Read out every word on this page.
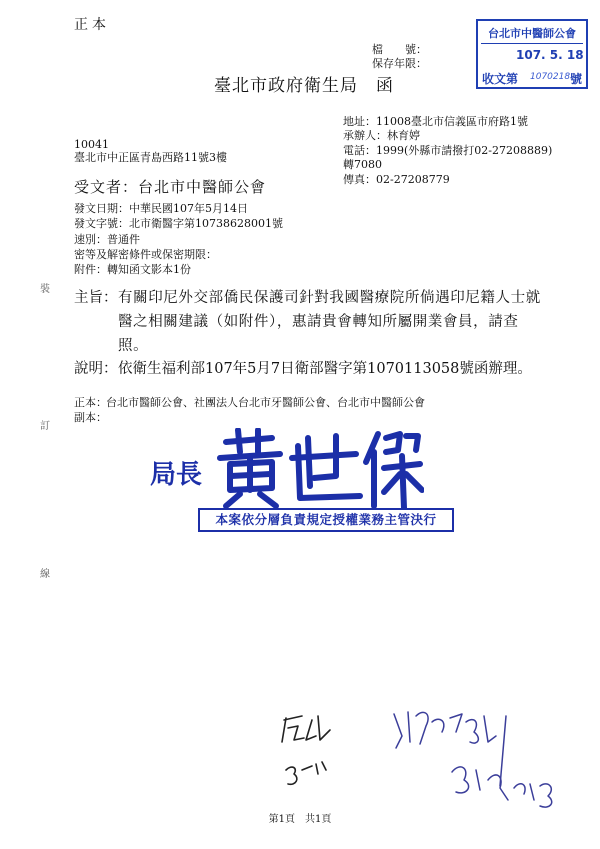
正本
檔　　號：
保存年限：
台北市中醫師公會
107. 5. 18
收文第 1070218 號
臺北市政府衛生局　函
地址：11008臺北市信義區市府路1號
承辦人：林育婷
電話：1999(外縣市請撥打02-27208889)
轉7080
傳真：02-27208779
10041
臺北市中正區青島西路11號3樓
受文者：台北市中醫師公會
發文日期：中華民國107年5月14日
發文字號：北市衛醫字第10738628001號
速別：普通件
密等及解密條件或保密期限：
附件：轉知函文影本1份
裝
訂
線
主旨： 有關印尼外交部僑民保護司針對我國醫療院所倘遇印尼籍人士就醫之相關建議（如附件），惠請貴會轉知所屬開業會員，請查照。
說明： 依衛生福利部107年5月7日衛部醫字第1070113058號函辦理。
正本： 台北市醫師公會、社團法人台北市牙醫師公會、台北市中醫師公會
副本：
局長
本案依分層負責規定授權業務主管決行
第1頁　共1頁
